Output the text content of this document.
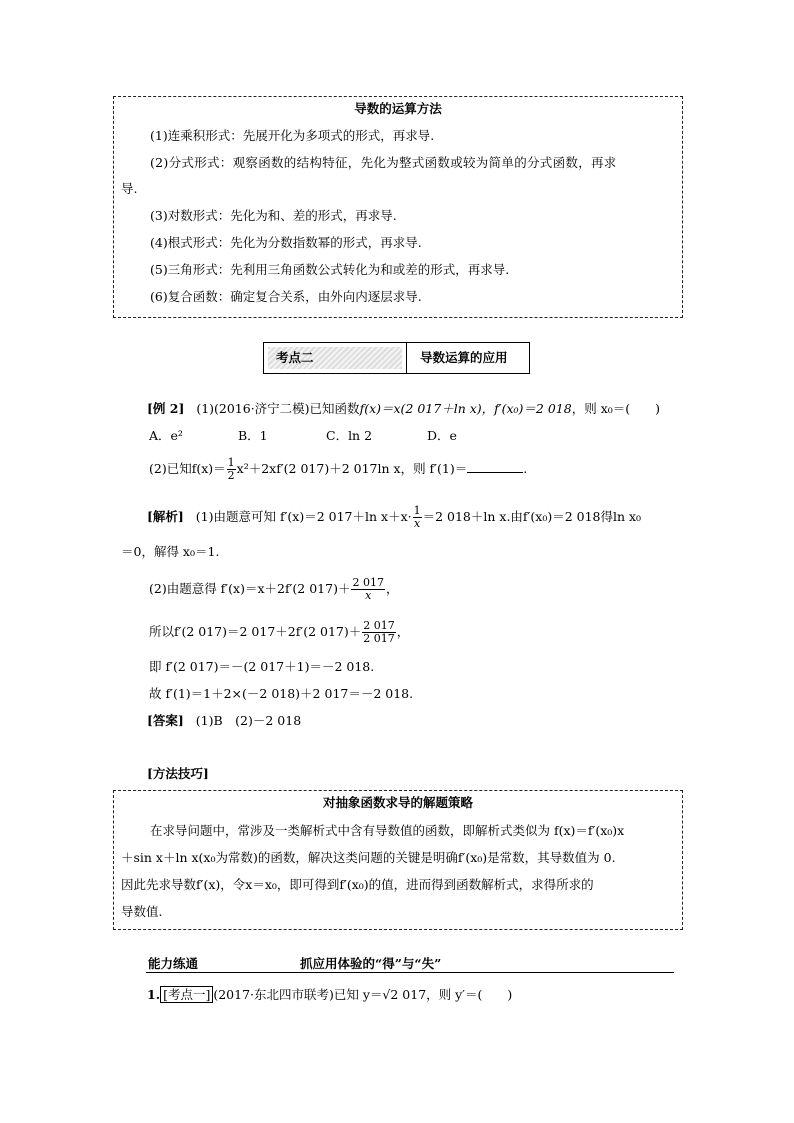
导数的运算方法
(1)连乘积形式：先展开化为多项式的形式，再求导.
(2)分式形式：观察函数的结构特征，先化为整式函数或较为简单的分式函数，再求
导.
(3)对数形式：先化为和、差的形式，再求导.
(4)根式形式：先化为分数指数幂的形式，再求导.
(5)三角形式：先利用三角函数公式转化为和或差的形式，再求导.
(6)复合函数：确定复合关系，由外向内逐层求导.
考点二	导数运算的应用
[例 2] (1)(2016·济宁二模)已知函数f(x)＝x(2 017＋ln x)，f′(x₀)＝2 018，则 x₀＝(　　)
A．e²	B．1	C．ln 2	D．e
(2)已知$f(x)= \frac{1}{2} x^2+2xf'(2$ 017)＋2 017ln x，则 f′(1)＝	.
[解析] (1)由题意可知 f′(x)＝2 017＋ln $x+x\cdot \frac{1}{x} =2$ 018＋ln x.由f′(x₀)＝2 018得ln x₀
＝0，解得 x₀＝1.
(2)由题意得 f′(x)＝x＋2f′(2 $017)+ \frac{2 017}{x}$ ，
所以f′(2 017)＝2 017＋2f′(2 $017)+ \frac{2 017}{2 017}$ ，
即 f′(2 017)＝－(2 017＋1)＝－2 018.
故 f′(1)＝1＋2×(－2 018)＋2 017＝－2 018.
[答案] (1)B　(2)－2 018
[方法技巧]
对抽象函数求导的解题策略
在求导问题中，常涉及一类解析式中含有导数值的函数，即解析式类似为 f(x)＝f′(x₀)x
＋sin x＋ln x(x₀为常数)的函数，解决这类问题的关键是明确f′(x₀)是常数，其导数值为 0.
因此先求导数f′(x)，令x＝x₀，即可得到f′(x₀)的值，进而得到函数解析式，求得所求的
导数值.
能力练通	抓应用体验的“得”与“失”
1. [考点一] (2017·东北四市联考)已知 y＝√2 017，则 y′＝(　　)
